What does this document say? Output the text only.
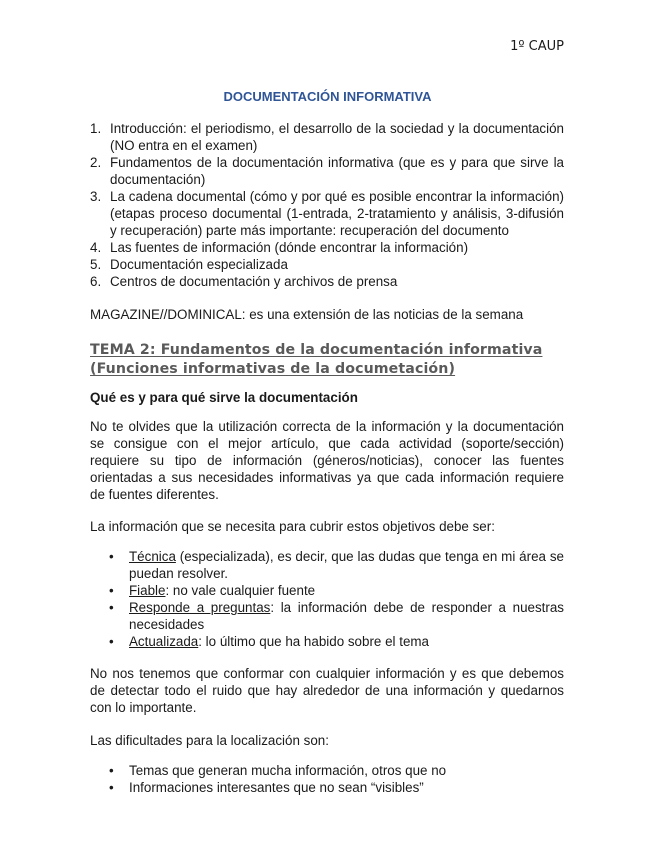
1º CAUP
DOCUMENTACIÓN INFORMATIVA
1. Introducción: el periodismo, el desarrollo de la sociedad y la documentación (NO entra en el examen)
2. Fundamentos de la documentación informativa (que es y para que sirve la documentación)
3. La cadena documental (cómo y por qué es posible encontrar la información) (etapas proceso documental (1-entrada, 2-tratamiento y análisis, 3-difusión y recuperación) parte más importante: recuperación del documento
4. Las fuentes de información (dónde encontrar la información)
5. Documentación especializada
6. Centros de documentación y archivos de prensa

MAGAZINE//DOMINICAL: es una extensión de las noticias de la semana

TEMA 2: Fundamentos de la documentación informativa (Funciones informativas de la documetación)
Qué es y para qué sirve la documentación

No te olvides que la utilización correcta de la información y la documentación se consigue con el mejor artículo, que cada actividad (soporte/sección) requiere su tipo de información (géneros/noticias), conocer las fuentes orientadas a sus necesidades informativas ya que cada información requiere de fuentes diferentes.

La información que se necesita para cubrir estos objetivos debe ser:

• Técnica (especializada), es decir, que las dudas que tenga en mi área se puedan resolver.
• Fiable: no vale cualquier fuente
• Responde a preguntas: la información debe de responder a nuestras necesidades
• Actualizada: lo último que ha habido sobre el tema

No nos tenemos que conformar con cualquier información y es que debemos de detectar todo el ruido que hay alrededor de una información y quedarnos con lo importante.

Las dificultades para la localización son:

• Temas que generan mucha información, otros que no
• Informaciones interesantes que no sean “visibles”
